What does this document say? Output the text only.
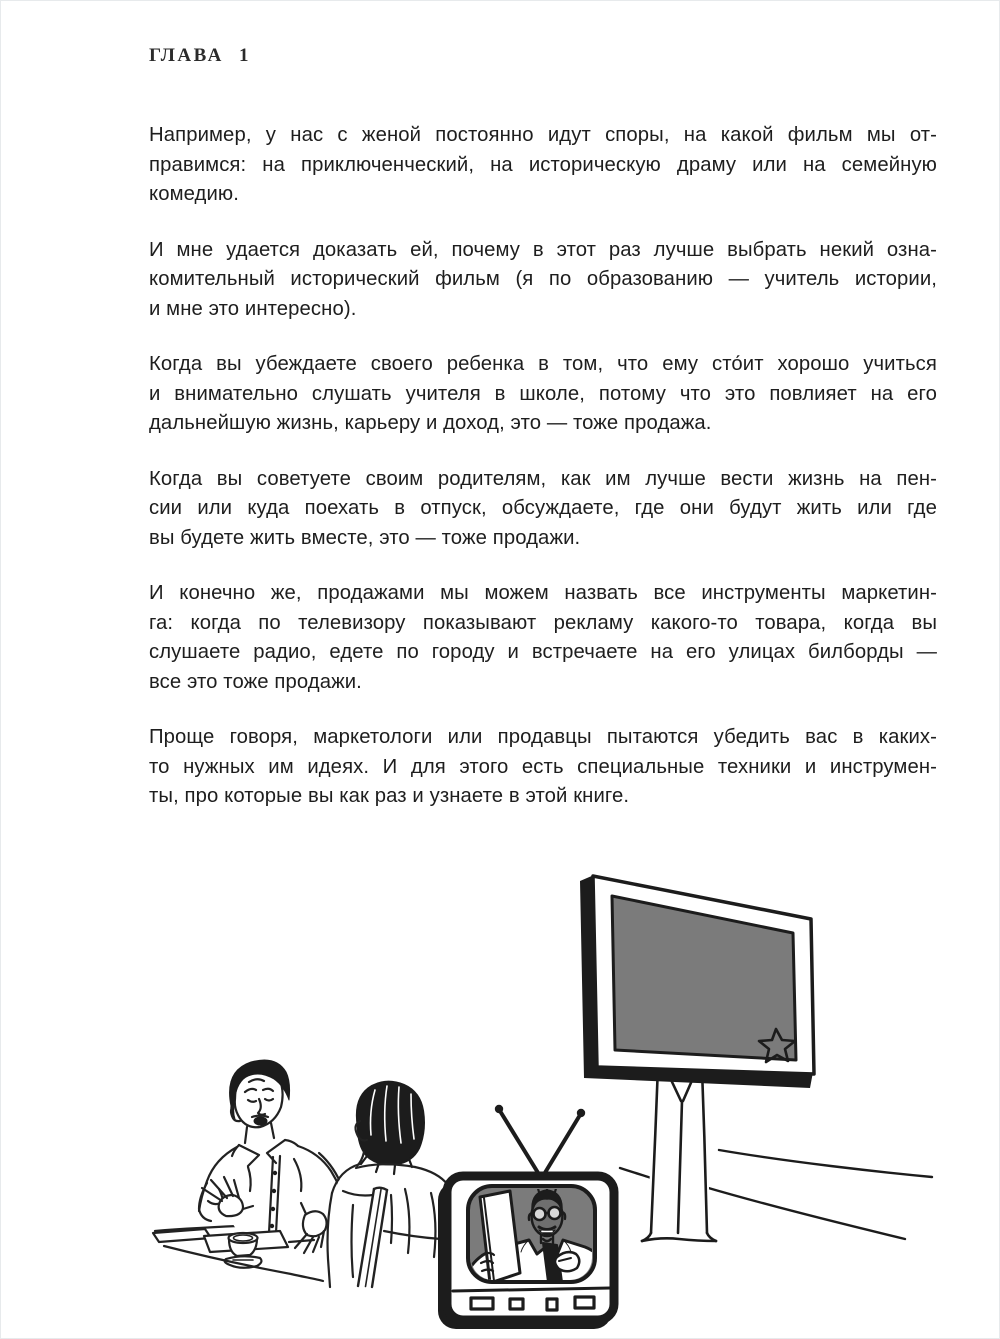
ГЛАВА 1
Например, у нас с женой постоянно идут споры, на какой фильм мы от-
правимся: на приключенческий, на историческую драму или на семейную
комедию.
И мне удается доказать ей, почему в этот раз лучше выбрать некий озна-
комительный исторический фильм (я по образованию — учитель истории,
и мне это интересно).
Когда вы убеждаете своего ребенка в том, что ему сто́ит хорошо учиться
и внимательно слушать учителя в школе, потому что это повлияет на его
дальнейшую жизнь, карьеру и доход, это — тоже продажа.
Когда вы советуете своим родителям, как им лучше вести жизнь на пен-
сии или куда поехать в отпуск, обсуждаете, где они будут жить или где
вы будете жить вместе, это — тоже продажи.
И конечно же, продажами мы можем назвать все инструменты маркетин-
га: когда по телевизору показывают рекламу какого-то товара, когда вы
слушаете радио, едете по городу и встречаете на его улицах билборды —
все это тоже продажи.
Проще говоря, маркетологи или продавцы пытаются убедить вас в каких-
то нужных им идеях. И для этого есть специальные техники и инструмен-
ты, про которые вы как раз и узнаете в этой книге.
